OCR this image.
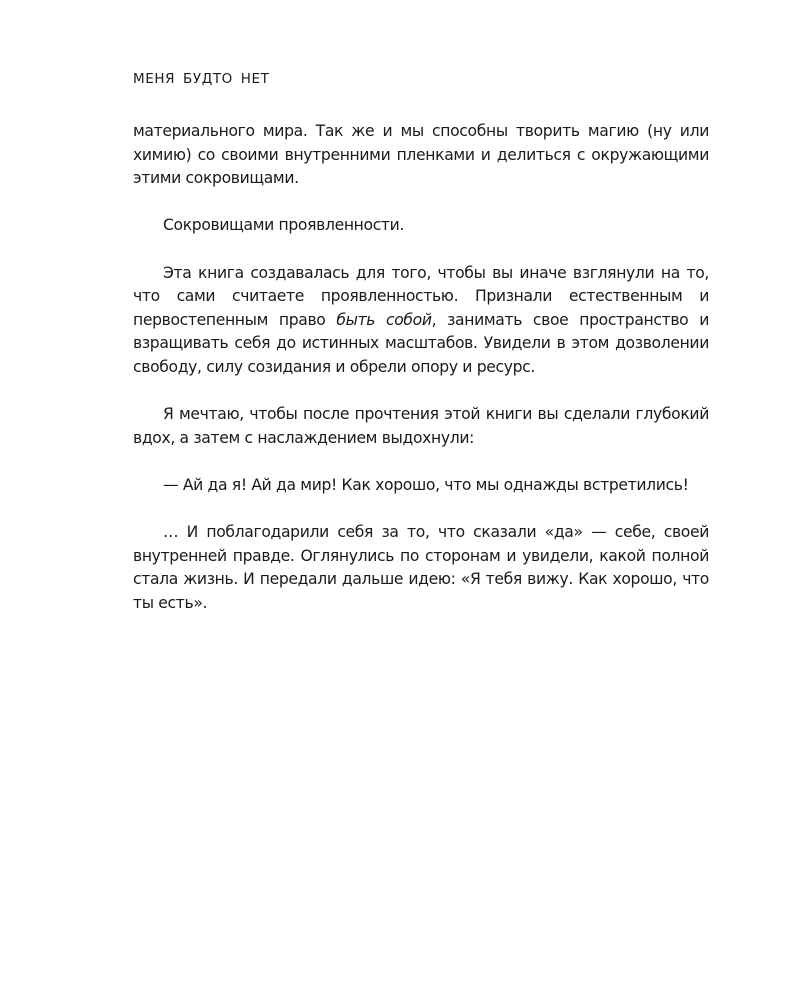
МЕНЯ БУДТО НЕТ

материального мира. Так же и мы способны творить магию (ну или химию) со своими внутренними пленками и делиться с окружающими этими сокровищами.

Сокровищами проявленности.

Эта книга создавалась для того, чтобы вы иначе взглянули на то, что сами считаете проявленностью. Признали естественным и первостепенным право быть собой, занимать свое пространство и взращивать себя до истинных масштабов. Увидели в этом дозволении свободу, силу созидания и обрели опору и ресурс.

Я мечтаю, чтобы после прочтения этой книги вы сделали глубокий вдох, а затем с наслаждением выдохнули:

— Ай да я! Ай да мир! Как хорошо, что мы однажды встретились!

… И поблагодарили себя за то, что сказали «да» — себе, своей внутренней правде. Оглянулись по сторонам и увидели, какой полной стала жизнь. И передали дальше идею: «Я тебя вижу. Как хорошо, что ты есть».
